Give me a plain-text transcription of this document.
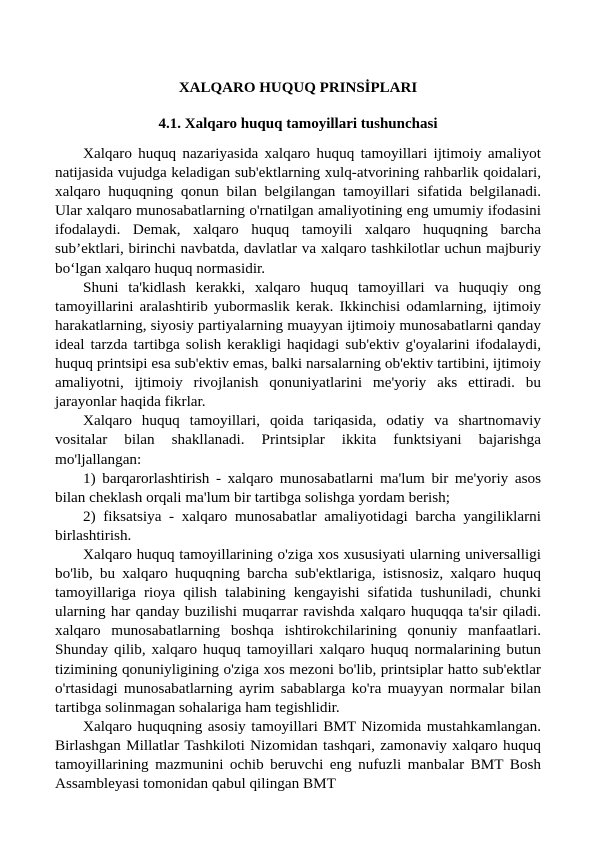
XALQARO HUQUQ PRINSİPLARI
4.1. Xalqaro huquq tamoyillari tushunchasi

Xalqaro huquq nazariyasida xalqaro huquq tamoyillari ijtimoiy amaliyot natijasida vujudga keladigan sub'ektlarning xulq-atvorining rahbarlik qoidalari, xalqaro huquqning qonun bilan belgilangan tamoyillari sifatida belgilanadi. Ular xalqaro munosabatlarning o'rnatilgan amaliyotining eng umumiy ifodasini ifodalaydi. Demak, xalqaro huquq tamoyili xalqaro huquqning barcha sub’ektlari, birinchi navbatda, davlatlar va xalqaro tashkilotlar uchun majburiy bo‘lgan xalqaro huquq normasidir.

Shuni ta'kidlash kerakki, xalqaro huquq tamoyillari va huquqiy ong tamoyillarini aralashtirib yubormaslik kerak. Ikkinchisi odamlarning, ijtimoiy harakatlarning, siyosiy partiyalarning muayyan ijtimoiy munosabatlarni qanday ideal tarzda tartibga solish kerakligi haqidagi sub'ektiv g'oyalarini ifodalaydi, huquq printsipi esa sub'ektiv emas, balki narsalarning ob'ektiv tartibini, ijtimoiy amaliyotni, ijtimoiy rivojlanish qonuniyatlarini me'yoriy aks ettiradi. bu jarayonlar haqida fikrlar.

Xalqaro huquq tamoyillari, qoida tariqasida, odatiy va shartnomaviy vositalar bilan shakllanadi. Printsiplar ikkita funktsiyani bajarishga mo'ljallangan:

1) barqarorlashtirish - xalqaro munosabatlarni ma'lum bir me'yoriy asos bilan cheklash orqali ma'lum bir tartibga solishga yordam berish;

2) fiksatsiya - xalqaro munosabatlar amaliyotidagi barcha yangiliklarni birlashtirish.

Xalqaro huquq tamoyillarining o'ziga xos xususiyati ularning universalligi bo'lib, bu xalqaro huquqning barcha sub'ektlariga, istisnosiz, xalqaro huquq tamoyillariga rioya qilish talabining kengayishi sifatida tushuniladi, chunki ularning har qanday buzilishi muqarrar ravishda xalqaro huquqqa ta'sir qiladi. xalqaro munosabatlarning boshqa ishtirokchilarining qonuniy manfaatlari. Shunday qilib, xalqaro huquq tamoyillari xalqaro huquq normalarining butun tizimining qonuniyligining o'ziga xos mezoni bo'lib, printsiplar hatto sub'ektlar o'rtasidagi munosabatlarning ayrim sabablarga ko'ra muayyan normalar bilan tartibga solinmagan sohalariga ham tegishlidir.

Xalqaro huquqning asosiy tamoyillari BMT Nizomida mustahkamlangan. Birlashgan Millatlar Tashkiloti Nizomidan tashqari, zamonaviy xalqaro huquq tamoyillarining mazmunini ochib beruvchi eng nufuzli manbalar BMT Bosh Assambleyasi tomonidan qabul qilingan BMT
